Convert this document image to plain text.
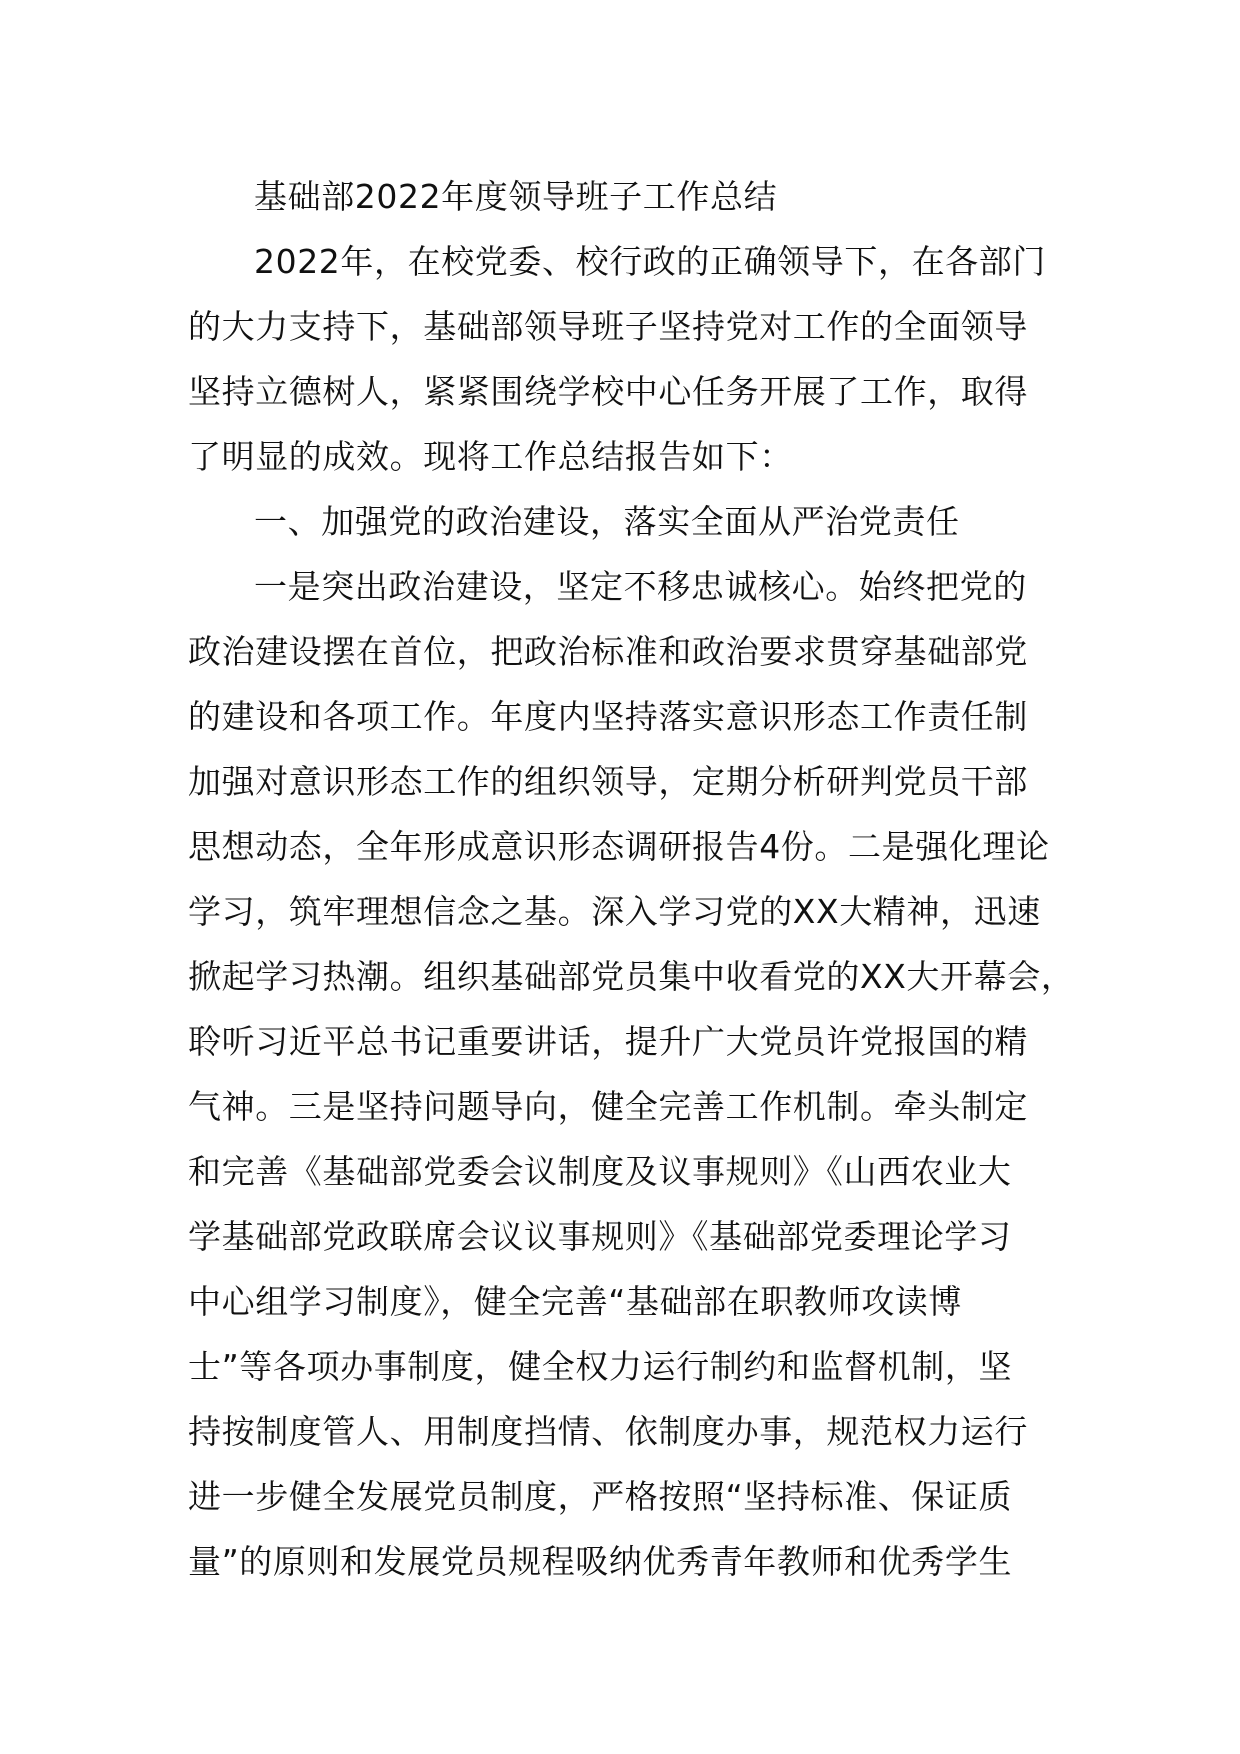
基础部2022年度领导班子工作总结
2022年，在校党委、校行政的正确领导下，在各部门
的大力支持下，基础部领导班子坚持党对工作的全面领导
坚持立德树人，紧紧围绕学校中心任务开展了工作，取得
了明显的成效。现将工作总结报告如下：
一、加强党的政治建设，落实全面从严治党责任
一是突出政治建设，坚定不移忠诚核心。始终把党的
政治建设摆在首位，把政治标准和政治要求贯穿基础部党
的建设和各项工作。年度内坚持落实意识形态工作责任制
加强对意识形态工作的组织领导，定期分析研判党员干部
思想动态，全年形成意识形态调研报告4份。二是强化理论
学习，筑牢理想信念之基。深入学习党的XX大精神，迅速
掀起学习热潮。组织基础部党员集中收看党的XX大开幕会，
聆听习近平总书记重要讲话，提升广大党员许党报国的精
气神。三是坚持问题导向，健全完善工作机制。牵头制定
和完善《基础部党委会议制度及议事规则》《山西农业大
学基础部党政联席会议议事规则》《基础部党委理论学习
中心组学习制度》，健全完善“基础部在职教师攻读博
士”等各项办事制度，健全权力运行制约和监督机制，坚
持按制度管人、用制度挡情、依制度办事，规范权力运行
进一步健全发展党员制度，严格按照“坚持标准、保证质
量”的原则和发展党员规程吸纳优秀青年教师和优秀学生
